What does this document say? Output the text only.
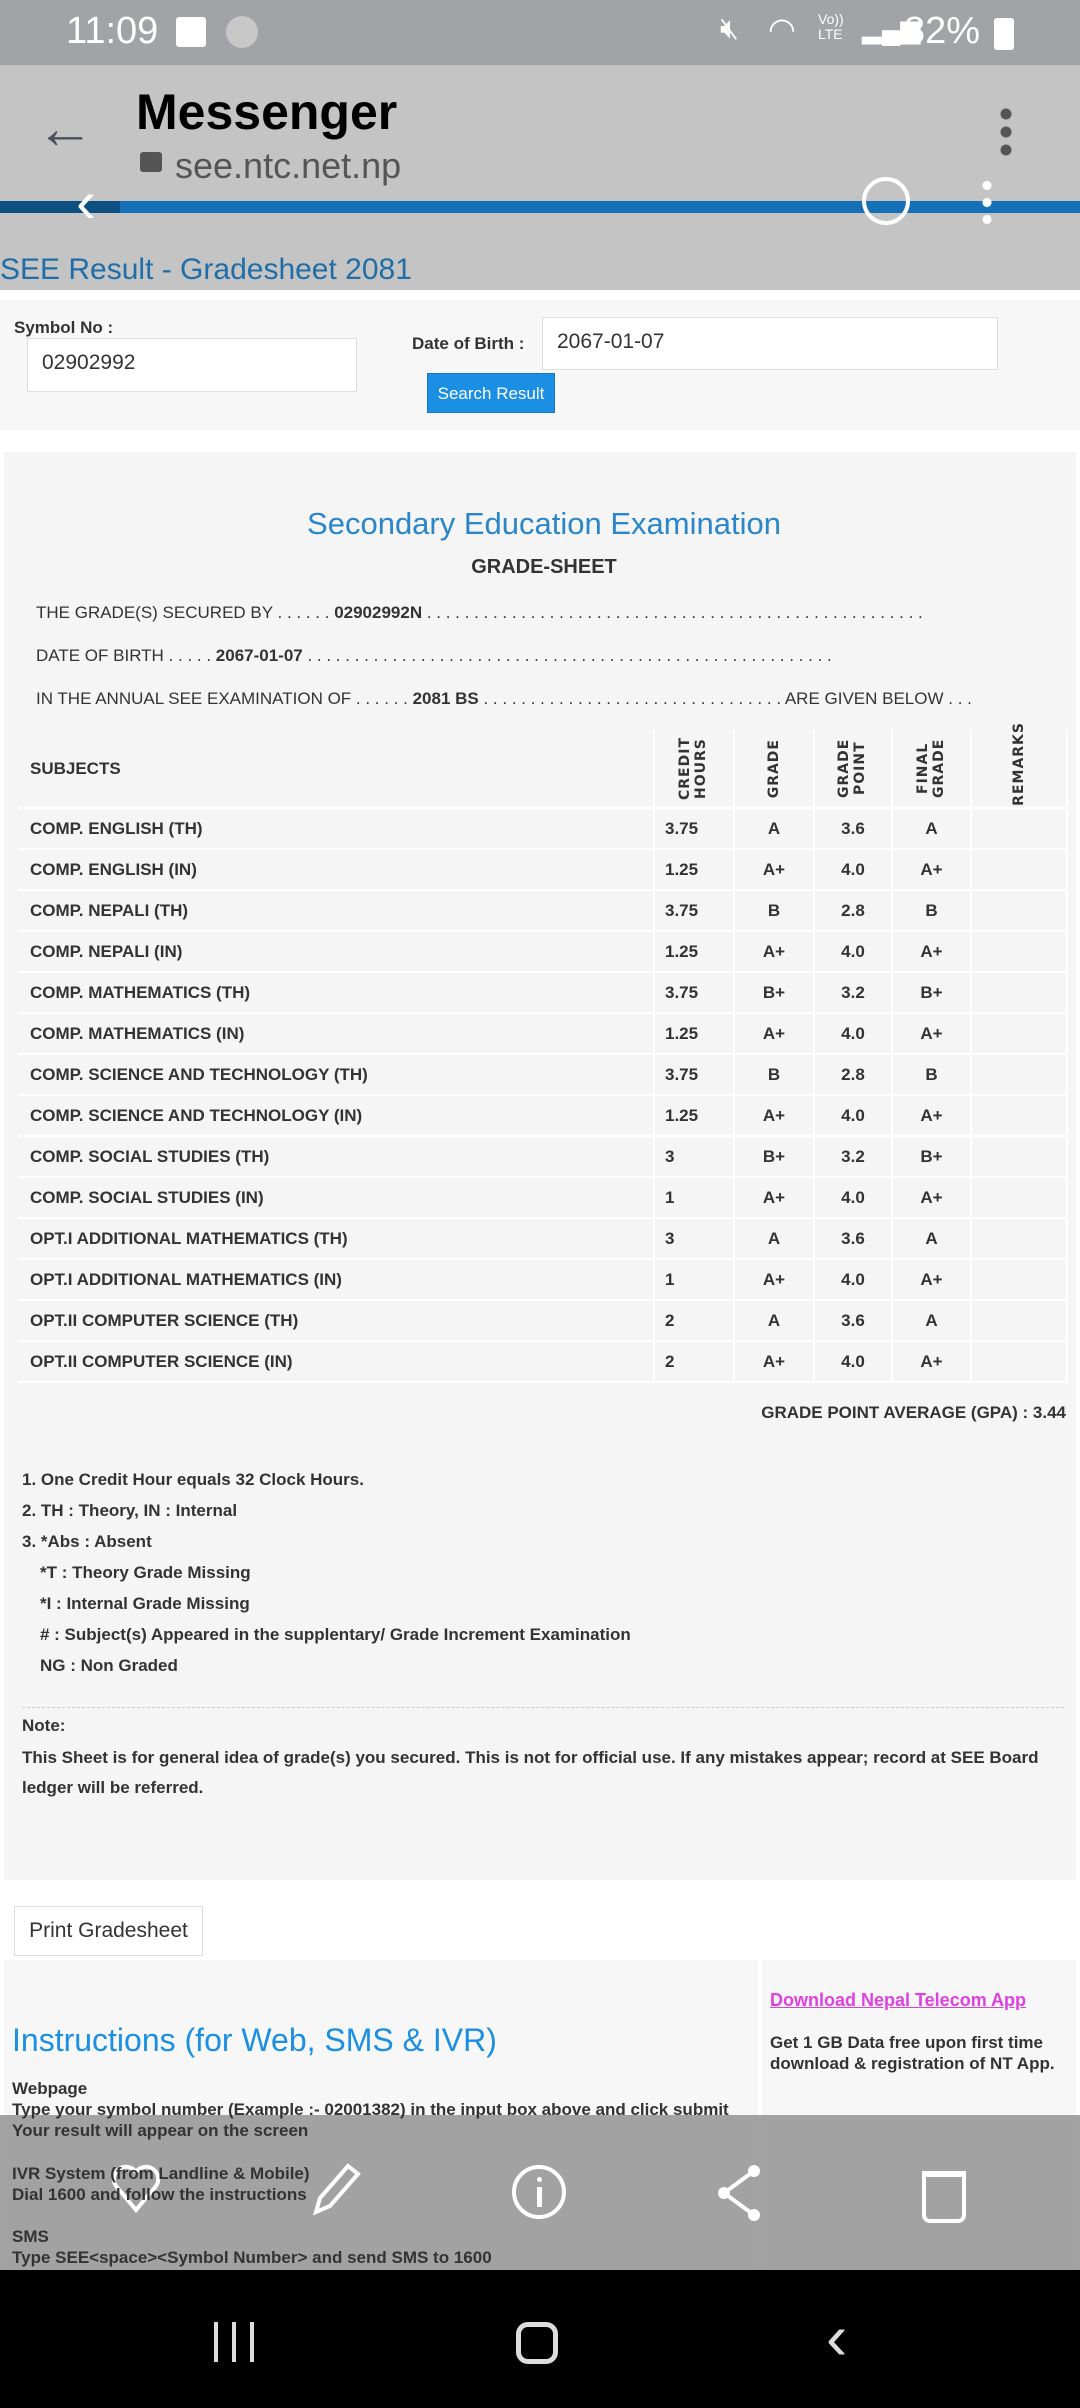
11:09	🔇︎ ◠ Vo)) LTE ▂▄▆
82%
← Messenger
see.ntc.net.np
‹
SEE Result - Gradesheet 2081
Symbol No :
02902992
Date of Birth :	2067-01-07
Search Result
Secondary Education Examination
GRADE-SHEET
THE GRADE(S) SECURED BY . . . . . . 02902992N . . . . . . . . . . . . . . . . . . . . . . . . . . . . . . . . . . . . . . . . . . . . . . . . . . . . .
DATE OF BIRTH . . . . . 2067-01-07 . . . . . . . . . . . . . . . . . . . . . . . . . . . . . . . . . . . . . . . . . . . . . . . . . . . . . . . .
IN THE ANNUAL SEE EXAMINATION OF . . . . . . 2081 BS . . . . . . . . . . . . . . . . . . . . . . . . . . . . . . . . ARE GIVEN BELOW . . .
SUBJECTS	CREDIT HOURS	GRADE	GRADE POINT	FINAL GRADE	REMARKS

COMP. ENGLISH (TH)	3.75	A	3.6	A	
COMP. ENGLISH (IN)	1.25	A+	4.0	A+	
COMP. NEPALI (TH)	3.75	B	2.8	B	
COMP. NEPALI (IN)	1.25	A+	4.0	A+	
COMP. MATHEMATICS (TH)	3.75	B+	3.2	B+	
COMP. MATHEMATICS (IN)	1.25	A+	4.0	A+	
COMP. SCIENCE AND TECHNOLOGY (TH)	3.75	B	2.8	B	
COMP. SCIENCE AND TECHNOLOGY (IN)	1.25	A+	4.0	A+	
COMP. SOCIAL STUDIES (TH)	3	B+	3.2	B+	
COMP. SOCIAL STUDIES (IN)	1	A+	4.0	A+	
OPT.I ADDITIONAL MATHEMATICS (TH)	3	A	3.6	A	
OPT.I ADDITIONAL MATHEMATICS (IN)	1	A+	4.0	A+	
OPT.II COMPUTER SCIENCE (TH)	2	A	3.6	A	
OPT.II COMPUTER SCIENCE (IN)	2	A+	4.0	A+	
GRADE POINT AVERAGE (GPA) : 3.44
1. One Credit Hour equals 32 Clock Hours.
2. TH : Theory, IN : Internal
3. *Abs : Absent
*T : Theory Grade Missing
*I : Internal Grade Missing
# : Subject(s) Appeared in the supplentary/ Grade Increment Examination
NG : Non Graded
Note:
This Sheet is for general idea of grade(s) you secured. This is not for official use. If any mistakes appear; record at SEE Board ledger will be referred.
Print Gradesheet
Instructions (for Web, SMS & IVR)
Download Nepal Telecom App
Get 1 GB Data free upon first time download & registration of NT App.
Webpage
Type your symbol number (Example :- 02001382) in the input box above and click submit
Your result will appear on the screen
IVR System (from Landline & Mobile)
Dial 1600 and follow the instructions
SMS
Type SEE<space><Symbol Number> and send SMS to 1600
‹
